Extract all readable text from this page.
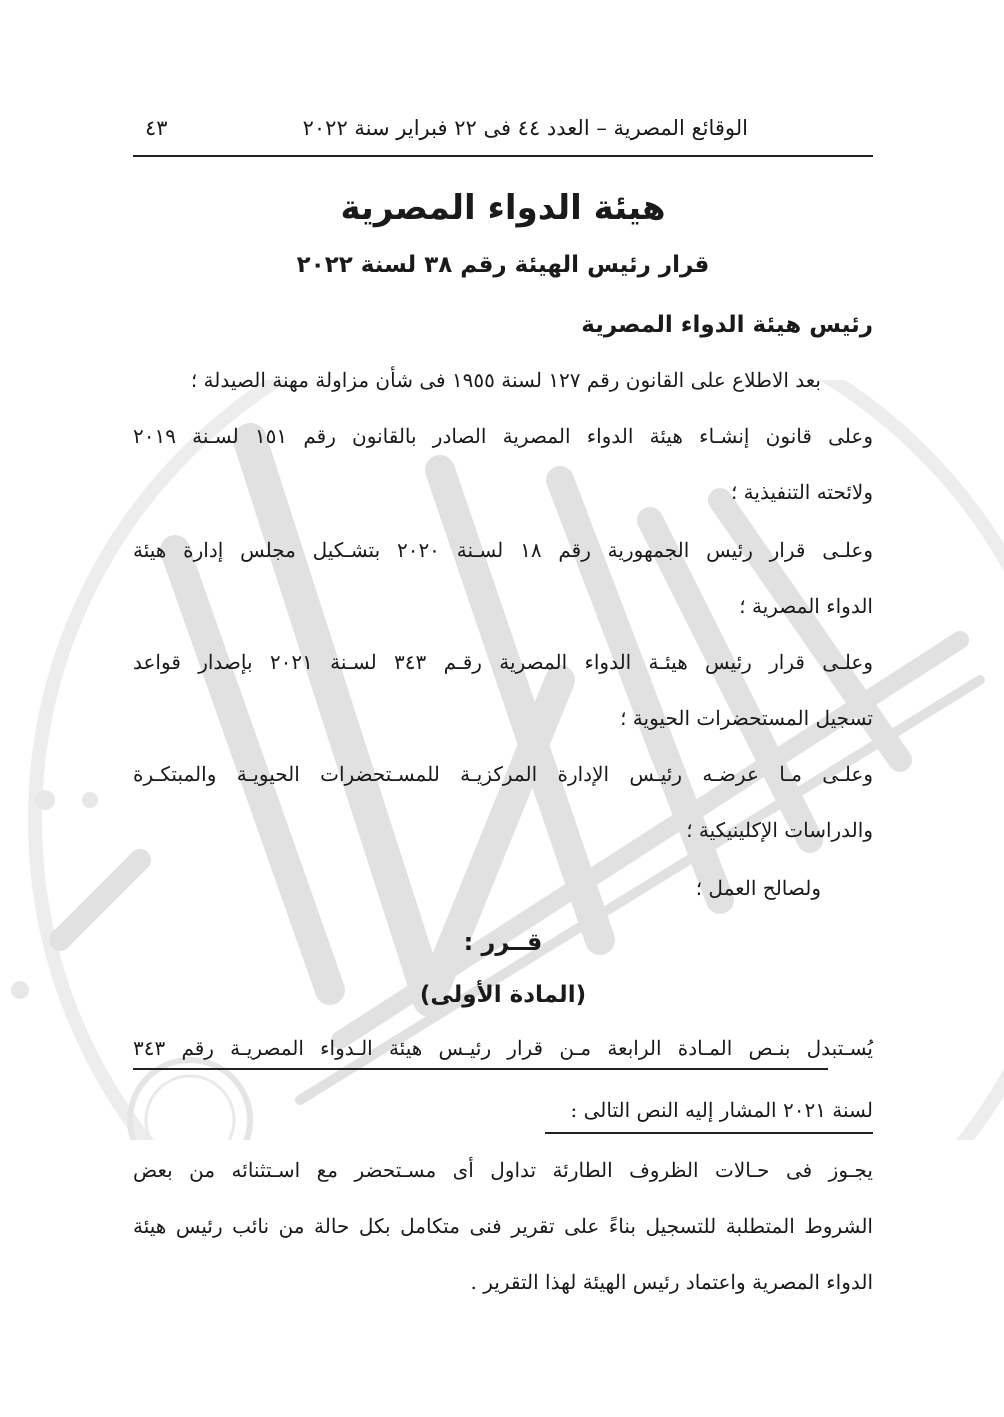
الوقائع المصرية – العدد ٤٤ فى ٢٢ فبراير سنة ٢٠٢٢
٤٣
هيئة الدواء المصرية
قرار رئيس الهيئة رقم ٣٨ لسنة ٢٠٢٢
رئيس هيئة الدواء المصرية
بعد الاطلاع على القانون رقم ١٢٧ لسنة ١٩٥٥ فى شأن مزاولة مهنة الصيدلة ؛
وعلى قانون إنشـاء هيئة الدواء المصرية الصادر بالقانون رقم ١٥١ لسـنة ٢٠١٩
ولائحته التنفيذية ؛
وعلـى قرار رئيس الجمهورية رقم ١٨ لسـنة ٢٠٢٠ بتشـكيل مجلس إدارة هيئة
الدواء المصرية ؛
وعلـى قرار رئيس هيئـة الدواء المصرية رقـم ٣٤٣ لسـنة ٢٠٢١ بإصدار قواعد
تسجيل المستحضرات الحيوية ؛
وعلـى مـا عرضـه رئيـس الإدارة المركزيـة للمسـتحضرات الحيويـة والمبتكـرة
والدراسات الإكلينيكية ؛
ولصالح العمل ؛
قــرر :
(المادة الأولى)
يُسـتبدل بنـص المـادة الرابعة مـن قرار رئيـس هيئة الـدواء المصريـة رقم ٣٤٣
لسنة ٢٠٢١ المشار إليه النص التالى :
يجـوز فى حـالات الظروف الطارئة تداول أى مسـتحضر مع اسـتثنائه من بعض
الشروط المتطلبة للتسجيل بناءً على تقرير فنى متكامل بكل حالة من نائب رئيس هيئة
الدواء المصرية واعتماد رئيس الهيئة لهذا التقرير .
